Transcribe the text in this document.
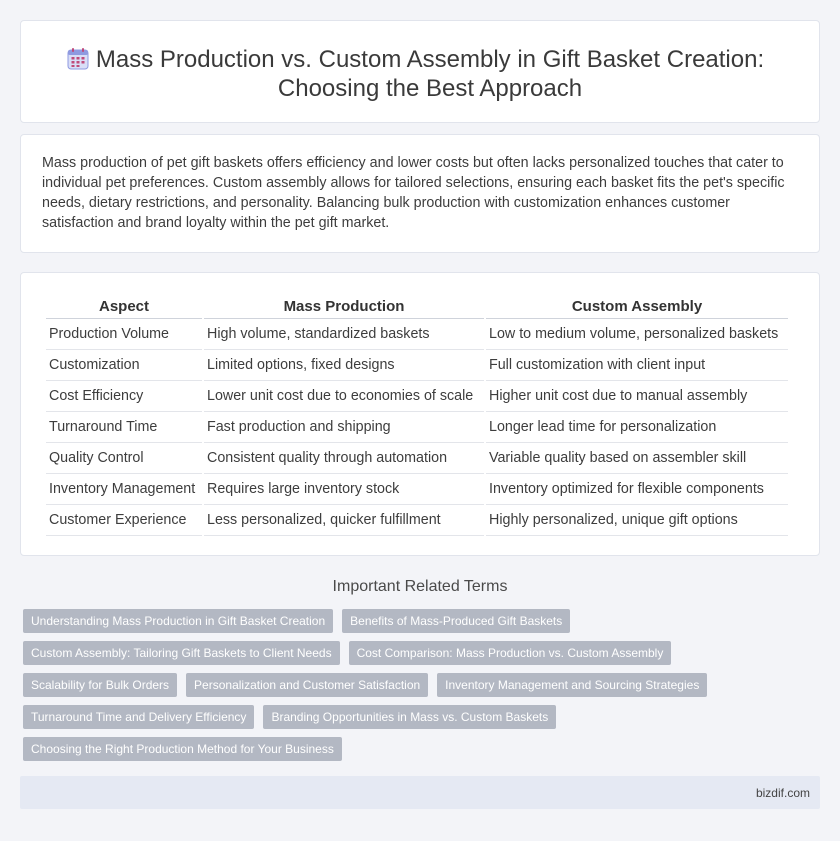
Mass Production vs. Custom Assembly in Gift Basket Creation: Choosing the Best Approach

Mass production of pet gift baskets offers efficiency and lower costs but often lacks personalized touches that cater to individual pet preferences. Custom assembly allows for tailored selections, ensuring each basket fits the pet's specific needs, dietary restrictions, and personality. Balancing bulk production with customization enhances customer satisfaction and brand loyalty within the pet gift market.

Aspect	Mass Production	Custom Assembly
Production Volume	High volume, standardized baskets	Low to medium volume, personalized baskets
Customization	Limited options, fixed designs	Full customization with client input
Cost Efficiency	Lower unit cost due to economies of scale	Higher unit cost due to manual assembly
Turnaround Time	Fast production and shipping	Longer lead time for personalization
Quality Control	Consistent quality through automation	Variable quality based on assembler skill
Inventory Management	Requires large inventory stock	Inventory optimized for flexible components
Customer Experience	Less personalized, quicker fulfillment	Highly personalized, unique gift options
Important Related Terms
Understanding Mass Production in Gift Basket Creation	Benefits of Mass-Produced Gift Baskets
Custom Assembly: Tailoring Gift Baskets to Client Needs	Cost Comparison: Mass Production vs. Custom Assembly
Scalability for Bulk Orders	Personalization and Customer Satisfaction	Inventory Management and Sourcing Strategies
Turnaround Time and Delivery Efficiency	Branding Opportunities in Mass vs. Custom Baskets
Choosing the Right Production Method for Your Business
bizdif.com
